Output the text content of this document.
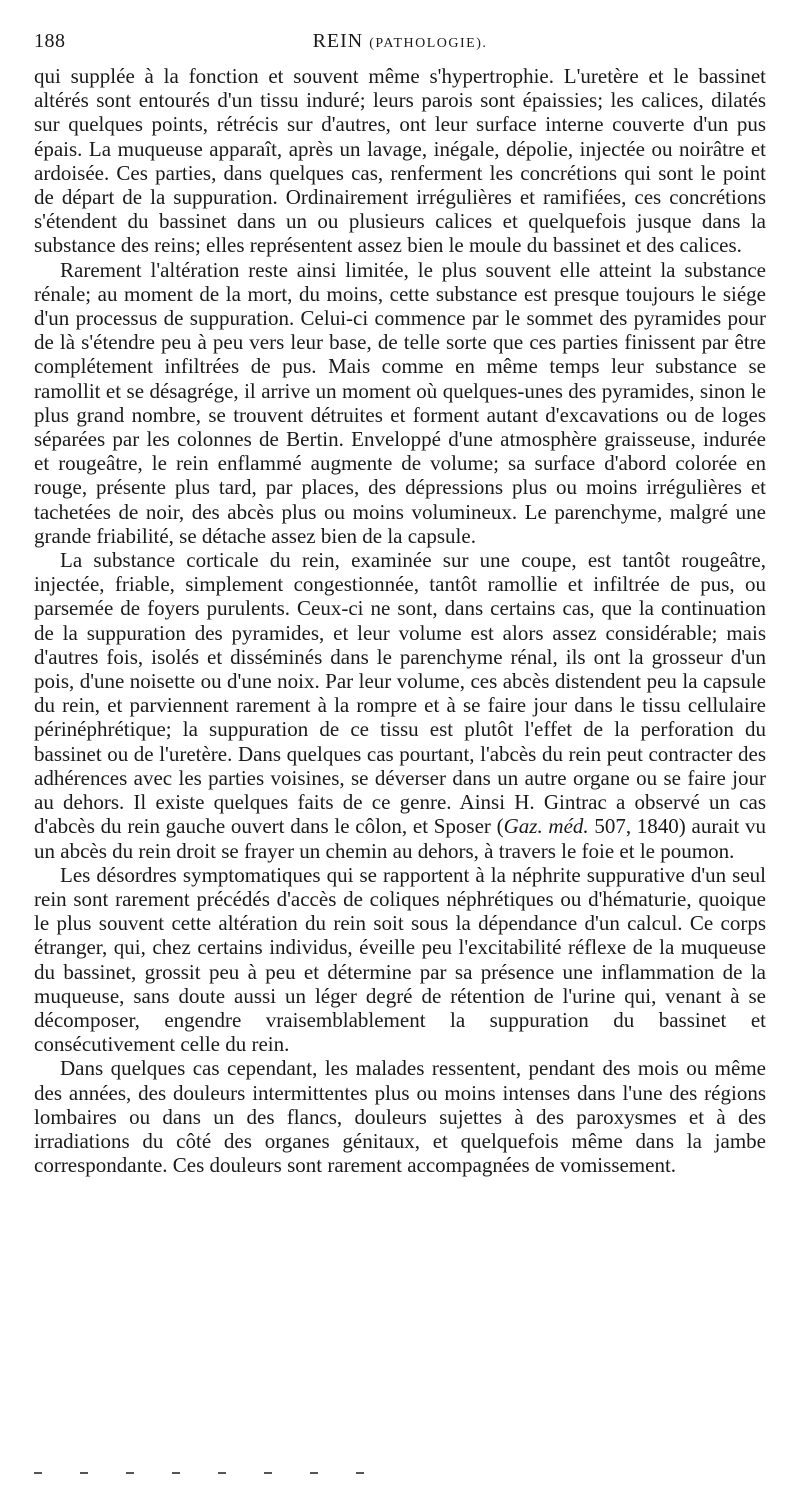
188	REIN (PATHOLOGIE).

qui supplée à la fonction et souvent même s'hypertrophie. L'uretère et le bassinet altérés sont entourés d'un tissu induré; leurs parois sont épaissies; les calices, dilatés sur quelques points, rétrécis sur d'autres, ont leur surface interne couverte d'un pus épais. La muqueuse apparaît, après un lavage, inégale, dépolie, injectée ou noirâtre et ardoisée. Ces parties, dans quelques cas, renferment les concrétions qui sont le point de départ de la suppuration. Ordinairement irrégulières et ramifiées, ces concrétions s'étendent du bassinet dans un ou plusieurs calices et quelquefois jusque dans la substance des reins; elles représentent assez bien le moule du bassinet et des calices.

Rarement l'altération reste ainsi limitée, le plus souvent elle atteint la substance rénale; au moment de la mort, du moins, cette substance est presque toujours le siége d'un processus de suppuration. Celui-ci commence par le sommet des pyramides pour de là s'étendre peu à peu vers leur base, de telle sorte que ces parties finissent par être complétement infiltrées de pus. Mais comme en même temps leur substance se ramollit et se désagrége, il arrive un moment où quelques-unes des pyramides, sinon le plus grand nombre, se trouvent détruites et forment autant d'excavations ou de loges séparées par les colonnes de Bertin. Enveloppé d'une atmosphère graisseuse, indurée et rougeâtre, le rein enflammé augmente de volume; sa surface d'abord colorée en rouge, présente plus tard, par places, des dépressions plus ou moins irrégulières et tachetées de noir, des abcès plus ou moins volumineux. Le parenchyme, malgré une grande friabilité, se détache assez bien de la capsule.

La substance corticale du rein, examinée sur une coupe, est tantôt rougeâtre, injectée, friable, simplement congestionnée, tantôt ramollie et infiltrée de pus, ou parsemée de foyers purulents. Ceux-ci ne sont, dans certains cas, que la continuation de la suppuration des pyramides, et leur volume est alors assez considérable; mais d'autres fois, isolés et disséminés dans le parenchyme rénal, ils ont la grosseur d'un pois, d'une noisette ou d'une noix. Par leur volume, ces abcès distendent peu la capsule du rein, et parviennent rarement à la rompre et à se faire jour dans le tissu cellulaire périnéphrétique; la suppuration de ce tissu est plutôt l'effet de la perforation du bassinet ou de l'uretère. Dans quelques cas pourtant, l'abcès du rein peut contracter des adhérences avec les parties voisines, se déverser dans un autre organe ou se faire jour au dehors. Il existe quelques faits de ce genre. Ainsi H. Gintrac a observé un cas d'abcès du rein gauche ouvert dans le côlon, et Sposer (Gaz. méd. 507, 1840) aurait vu un abcès du rein droit se frayer un chemin au dehors, à travers le foie et le poumon.

Les désordres symptomatiques qui se rapportent à la néphrite suppurative d'un seul rein sont rarement précédés d'accès de coliques néphrétiques ou d'hématurie, quoique le plus souvent cette altération du rein soit sous la dépendance d'un calcul. Ce corps étranger, qui, chez certains individus, éveille peu l'excitabilité réflexe de la muqueuse du bassinet, grossit peu à peu et détermine par sa présence une inflammation de la muqueuse, sans doute aussi un léger degré de rétention de l'urine qui, venant à se décomposer, engendre vraisemblablement la suppuration du bassinet et consécutivement celle du rein.

Dans quelques cas cependant, les malades ressentent, pendant des mois ou même des années, des douleurs intermittentes plus ou moins intenses dans l'une des régions lombaires ou dans un des flancs, douleurs sujettes à des paroxysmes et à des irradiations du côté des organes génitaux, et quelquefois même dans la jambe correspondante. Ces douleurs sont rarement accompagnées de vomissement.
